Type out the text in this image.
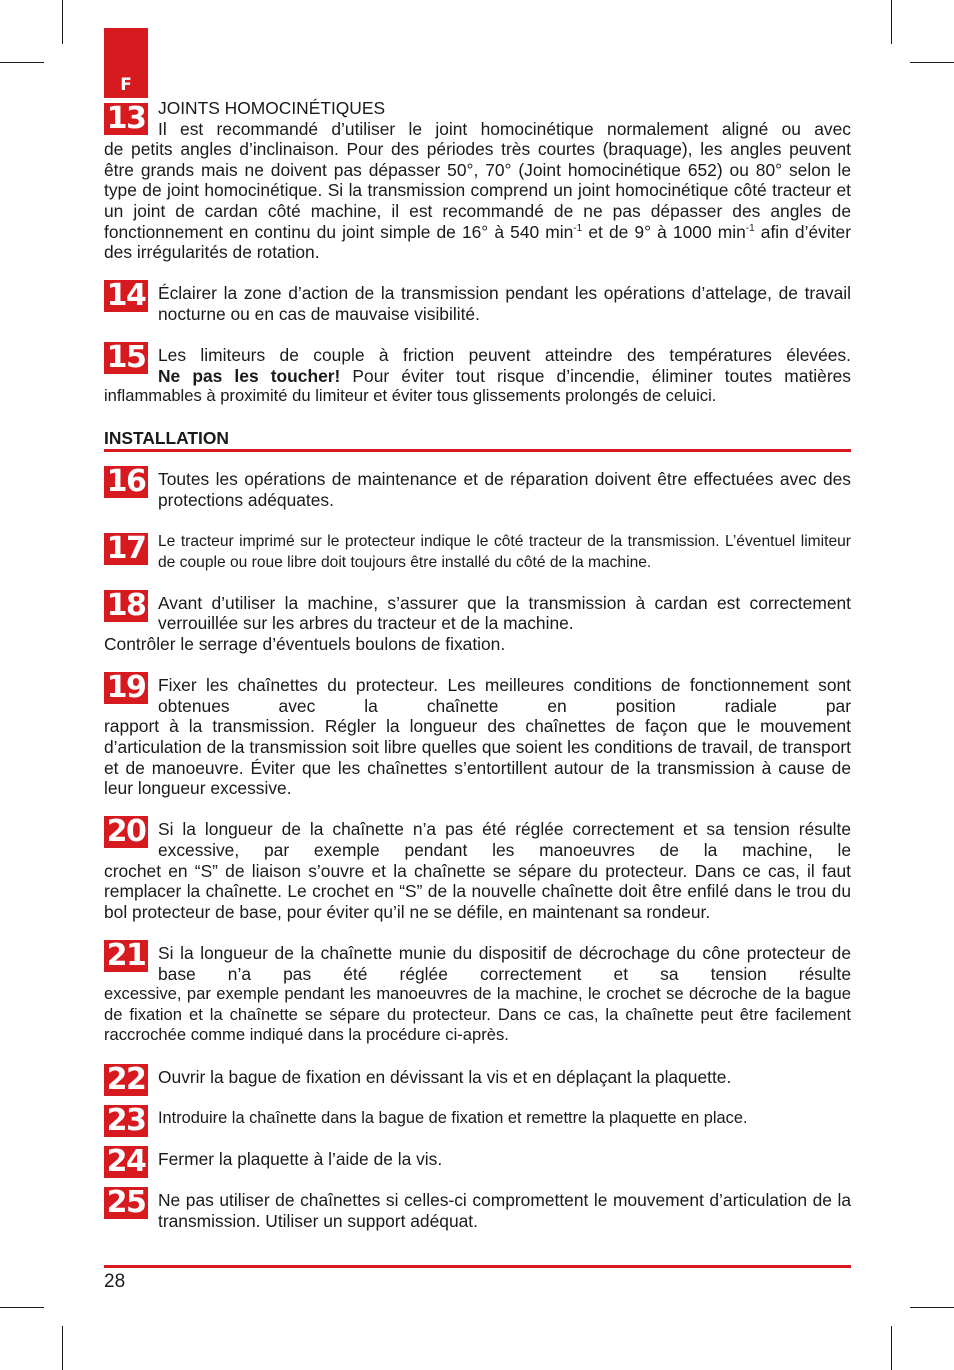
F
13 JOINTS HOMOCINÉTIQUES
Il est recommandé d’utiliser le joint homocinétique normalement aligné ou avec
de petits angles d’inclinaison. Pour des périodes très courtes (braquage), les angles peuvent être grands mais ne doivent pas dépasser 50°, 70° (Joint homocinétique 652) ou 80° selon le type de joint homocinétique. Si la transmission comprend un joint homocinétique côté tracteur et un joint de cardan côté machine, il est recommandé de ne pas dépasser des angles de fonctionnement en continu du joint simple de 16° à 540 $\min^{-1}$ et de 9° à 1000 $\min^{-1}$ afin d’éviter des irrégularités de rotation.
14 Éclairer la zone d’action de la transmission pendant les opérations d’attelage, de travail nocturne ou en cas de mauvaise visibilité.
15 Les limiteurs de couple à friction peuvent atteindre des températures élevées.
Ne pas les toucher! Pour éviter tout risque d’incendie, éliminer toutes matières
inflammables à proximité du limiteur et éviter tous glissements prolongés de celuici.
INSTALLATION
16 Toutes les opérations de maintenance et de réparation doivent être effectuées avec des protections adéquates.
17 Le tracteur imprimé sur le protecteur indique le côté tracteur de la transmission. L’éventuel limiteur de couple ou roue libre doit toujours être installé du côté de la machine.
18 Avant d’utiliser la machine, s’assurer que la transmission à cardan est correctement verrouillée sur les arbres du tracteur et de la machine.
Contrôler le serrage d’éventuels boulons de fixation.
19 Fixer les chaînettes du protecteur. Les meilleures conditions de fonctionnement sont obtenues avec la chaînette en position radiale par
rapport à la transmission. Régler la longueur des chaînettes de façon que le mouvement d’articulation de la transmission soit libre quelles que soient les conditions de travail, de transport et de manoeuvre. Éviter que les chaînettes s’entortillent autour de la transmission à cause de leur longueur excessive.
20 Si la longueur de la chaînette n’a pas été réglée correctement et sa tension résulte excessive, par exemple pendant les manoeuvres de la machine, le
crochet en “S” de liaison s’ouvre et la chaînette se sépare du protecteur. Dans ce cas, il faut remplacer la chaînette. Le crochet en “S” de la nouvelle chaînette doit être enfilé dans le trou du bol protecteur de base, pour éviter qu’il ne se défile, en maintenant sa rondeur.
21 Si la longueur de la chaînette munie du dispositif de décrochage du cône protecteur de base n’a pas été réglée correctement et sa tension résulte
excessive, par exemple pendant les manoeuvres de la machine, le crochet se décroche de la bague de fixation et la chaînette se sépare du protecteur. Dans ce cas, la chaînette peut être facilement raccrochée comme indiqué dans la procédure ci-après.
22 Ouvrir la bague de fixation en dévissant la vis et en déplaçant la plaquette.
23 Introduire la chaînette dans la bague de fixation et remettre la plaquette en place.
24 Fermer la plaquette à l’aide de la vis.
25 Ne pas utiliser de chaînettes si celles-ci compromettent le mouvement d’articulation de la transmission. Utiliser un support adéquat.
28
